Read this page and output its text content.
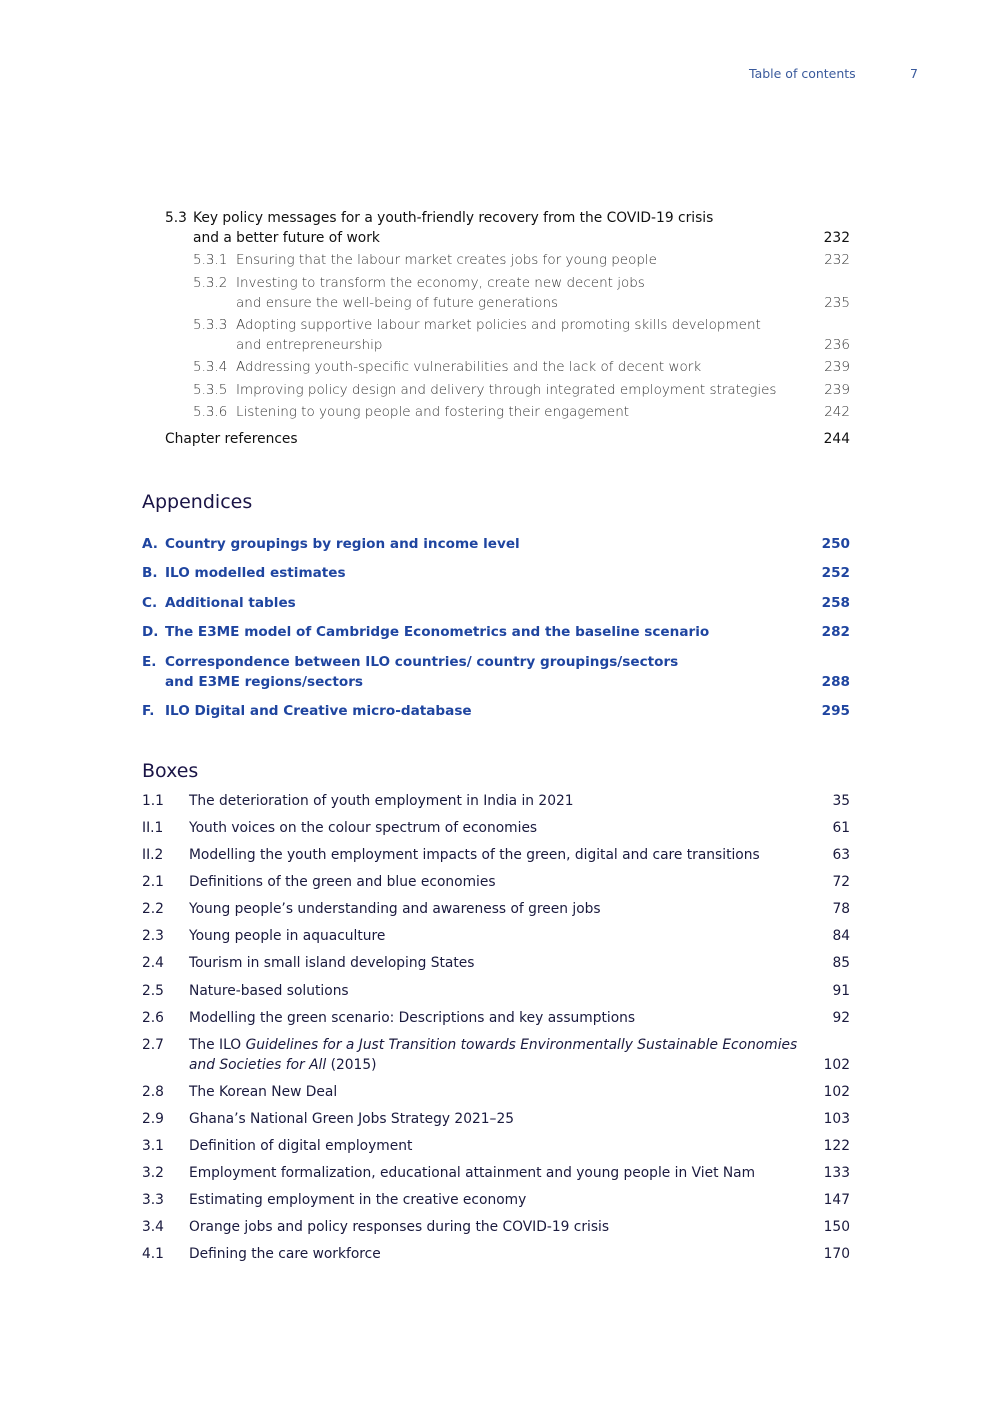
Table of contents	7
5.3 Key policy messages for a youth-friendly recovery from the COVID-19 crisis
and a better future of work	232
5.3.1 Ensuring that the labour market creates jobs for young people	232
5.3.2 Investing to transform the economy, create new decent jobs
and ensure the well-being of future generations	235
5.3.3 Adopting supportive labour market policies and promoting skills development
and entrepreneurship	236
5.3.4 Addressing youth-specific vulnerabilities and the lack of decent work	239
5.3.5 Improving policy design and delivery through integrated employment strategies	239
5.3.6 Listening to young people and fostering their engagement	242
Chapter references	244
Appendices
A. Country groupings by region and income level	250
B. ILO modelled estimates	252
C. Additional tables	258
D. The E3ME model of Cambridge Econometrics and the baseline scenario	282
E. Correspondence between ILO countries/ country groupings/sectors
and E3ME regions/sectors	288
F. ILO Digital and Creative micro-database	295
Boxes
1.1 The deterioration of youth employment in India in 2021	35
II.1 Youth voices on the colour spectrum of economies	61
II.2 Modelling the youth employment impacts of the green, digital and care transitions	63
2.1 Definitions of the green and blue economies	72
2.2 Young people’s understanding and awareness of green jobs	78
2.3 Young people in aquaculture	84
2.4 Tourism in small island developing States	85
2.5 Nature-based solutions	91
2.6 Modelling the green scenario: Descriptions and key assumptions	92
2.7 The ILO Guidelines for a Just Transition towards Environmentally Sustainable Economies
and Societies for All (2015)	102
2.8 The Korean New Deal	102
2.9 Ghana’s National Green Jobs Strategy 2021–25	103
3.1 Definition of digital employment	122
3.2 Employment formalization, educational attainment and young people in Viet Nam	133
3.3 Estimating employment in the creative economy	147
3.4 Orange jobs and policy responses during the COVID-19 crisis	150
4.1 Defining the care workforce	170
